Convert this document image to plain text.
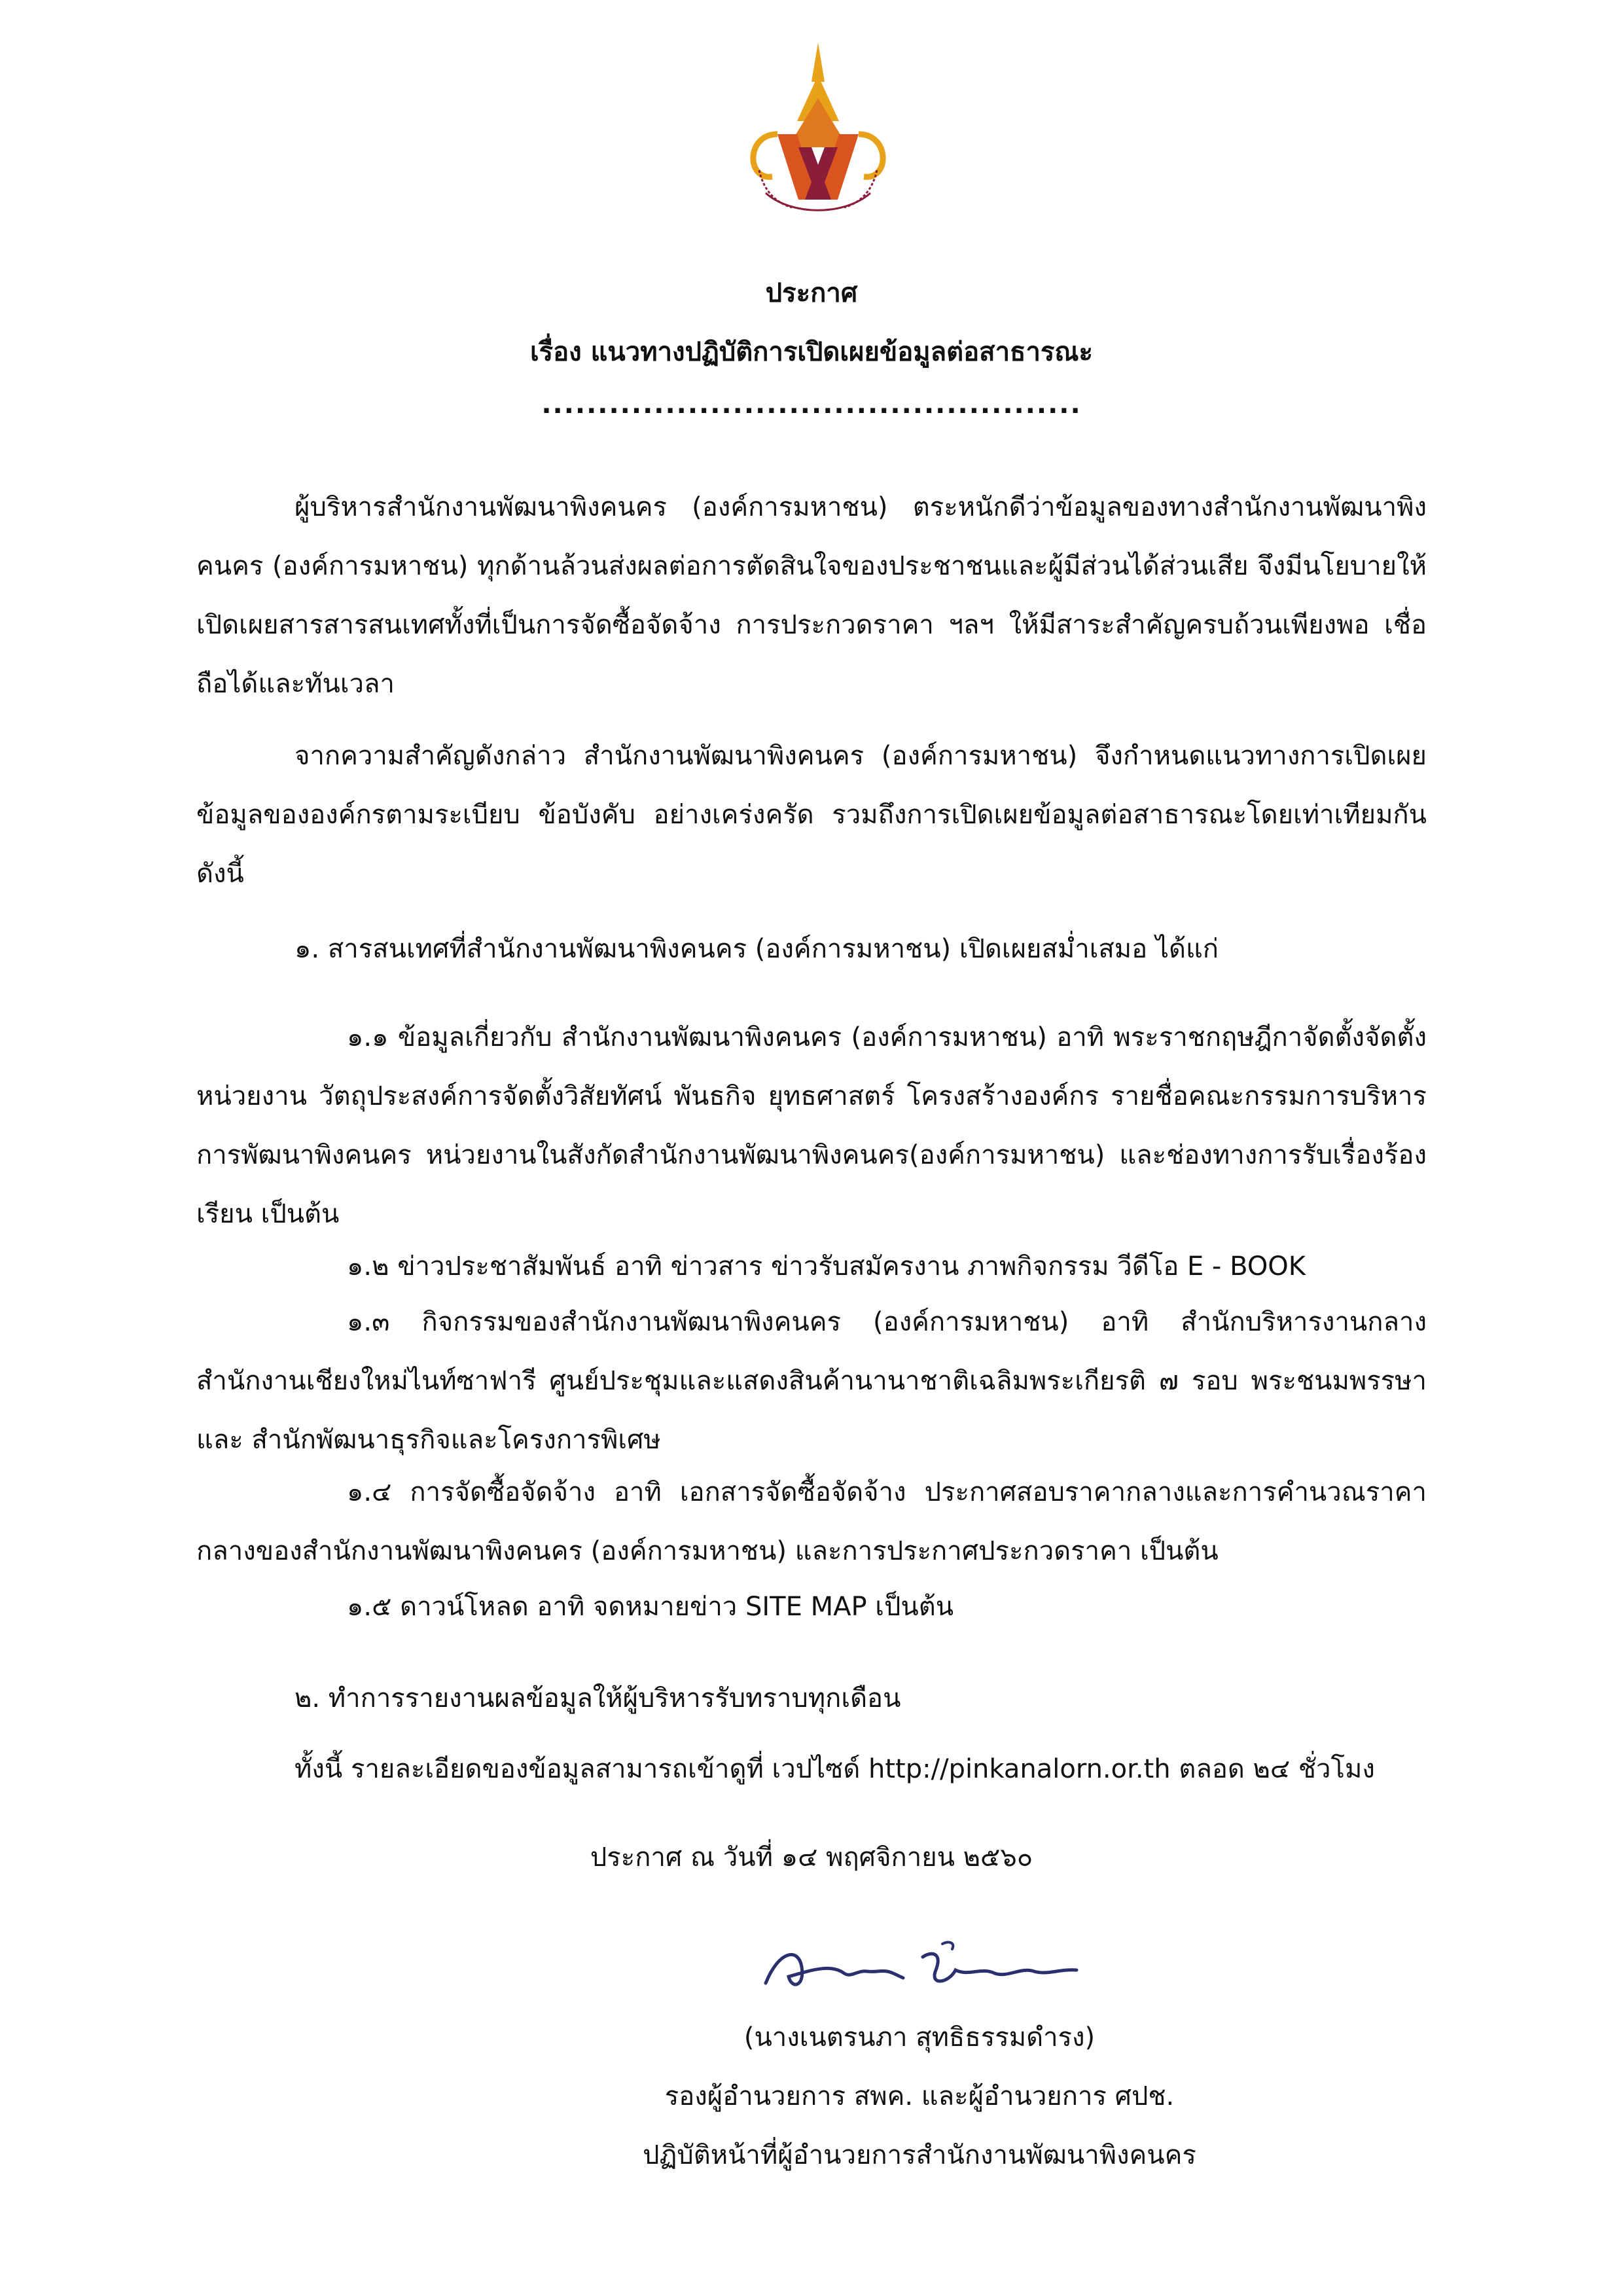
ประกาศ
เรื่อง แนวทางปฏิบัติการเปิดเผยข้อมูลต่อสาธารณะ
................................................

ผู้บริหารสำนักงานพัฒนาพิงคนคร (องค์การมหาชน) ตระหนักดีว่าข้อมูลของทางสำนักงานพัฒนาพิงคนคร (องค์การมหาชน) ทุกด้านล้วนส่งผลต่อการตัดสินใจของประชาชนและผู้มีส่วนได้ส่วนเสีย จึงมีนโยบายให้เปิดเผยสารสารสนเทศทั้งที่เป็นการจัดซื้อจัดจ้าง การประกวดราคา ฯลฯ ให้มีสาระสำคัญครบถ้วนเพียงพอ เชื่อถือได้และทันเวลา

จากความสำคัญดังกล่าว สำนักงานพัฒนาพิงคนคร (องค์การมหาชน) จึงกำหนดแนวทางการเปิดเผยข้อมูลขององค์กรตามระเบียบ ข้อบังคับ อย่างเคร่งครัด รวมถึงการเปิดเผยข้อมูลต่อสาธารณะโดยเท่าเทียมกัน ดังนี้

๑. สารสนเทศที่สำนักงานพัฒนาพิงคนคร (องค์การมหาชน) เปิดเผยสม่ำเสมอ ได้แก่

๑.๑ ข้อมูลเกี่ยวกับ สำนักงานพัฒนาพิงคนคร (องค์การมหาชน) อาทิ พระราชกฤษฎีกาจัดตั้งจัดตั้งหน่วยงาน วัตถุประสงค์การจัดตั้งวิสัยทัศน์ พันธกิจ ยุทธศาสตร์ โครงสร้างองค์กร รายชื่อคณะกรรมการบริหารการพัฒนาพิงคนคร หน่วยงานในสังกัดสำนักงานพัฒนาพิงคนคร(องค์การมหาชน) และช่องทางการรับเรื่องร้องเรียน เป็นต้น

๑.๒ ข่าวประชาสัมพันธ์ อาทิ ข่าวสาร ข่าวรับสมัครงาน ภาพกิจกรรม วีดีโอ E - BOOK

๑.๓ กิจกรรมของสำนักงานพัฒนาพิงคนคร (องค์การมหาชน) อาทิ สำนักบริหารงานกลางสำนักงานเชียงใหม่ไนท์ซาฟารี ศูนย์ประชุมและแสดงสินค้านานาชาติเฉลิมพระเกียรติ ๗ รอบ พระชนมพรรษาและ สำนักพัฒนาธุรกิจและโครงการพิเศษ

๑.๔ การจัดซื้อจัดจ้าง อาทิ เอกสารจัดซื้อจัดจ้าง ประกาศสอบราคากลางและการคำนวณราคากลางของสำนักงานพัฒนาพิงคนคร (องค์การมหาชน) และการประกาศประกวดราคา เป็นต้น

๑.๕ ดาวน์โหลด อาทิ จดหมายข่าว SITE MAP เป็นต้น

๒. ทำการรายงานผลข้อมูลให้ผู้บริหารรับทราบทุกเดือน

ทั้งนี้ รายละเอียดของข้อมูลสามารถเข้าดูที่ เวปไซด์ http://pinkanalorn.or.th ตลอด ๒๔ ชั่วโมง
ประกาศ ณ วันที่ ๑๔ พฤศจิกายน ๒๕๖๐
(นางเนตรนภา สุทธิธรรมดำรง)
รองผู้อำนวยการ สพค. และผู้อำนวยการ ศปช.
ปฏิบัติหน้าที่ผู้อำนวยการสำนักงานพัฒนาพิงคนคร
